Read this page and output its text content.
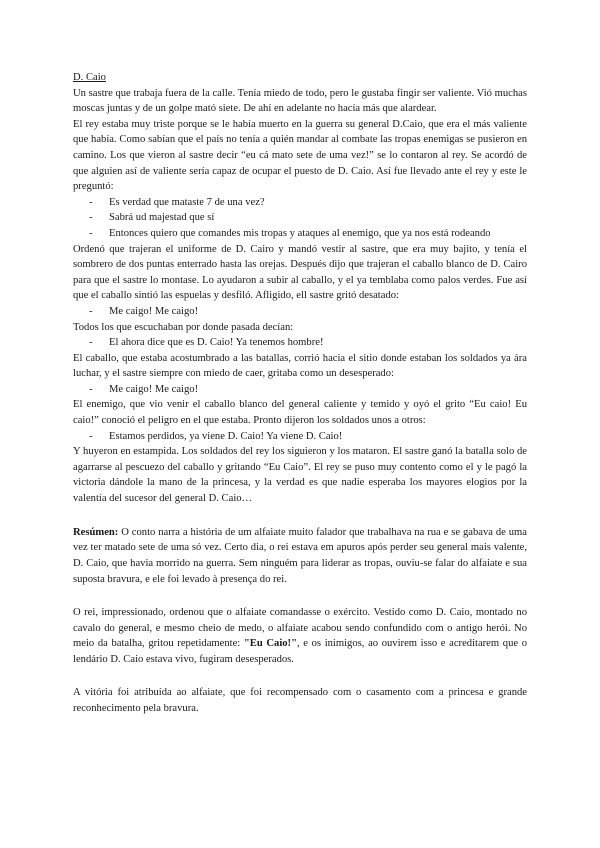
D. Caio

Un sastre que trabaja fuera de la calle. Tenía miedo de todo, pero le gustaba fingir ser valiente. Vió muchas moscas juntas y de un golpe mató siete. De ahí en adelante no hacía más que alardear.

El rey estaba muy triste porque se le había muerto en la guerra su general D.Caio, que era el más valiente que había. Como sabían que el país no tenía a quién mandar al combate las tropas enemigas se pusieron en camino. Los que vieron al sastre decir “eu cá mato sete de uma vez!” se lo contaron al rey. Se acordó de que alguien así de valiente sería capaz de ocupar el puesto de D. Caio. Así fue llevado ante el rey y este le preguntó:

- Es verdad que mataste 7 de una vez?

- Sabrá ud majestad que sí

- Entonces quiero que comandes mis tropas y ataques al enemigo, que ya nos está rodeando

Ordenó que trajeran el uniforme de D. Cairo y mandó vestir al sastre, que era muy bajito, y tenía el sombrero de dos puntas enterrado hasta las orejas. Después dijo que trajeran el caballo blanco de D. Cairo para que el sastre lo montase. Lo ayudaron a subir al caballo, y el ya temblaba como palos verdes. Fue así que el caballo sintió las espuelas y desfiló. Afligido, ell sastre gritó desatado:

- Me caigo! Me caigo!

Todos los que escuchaban por donde pasada decían:

- El ahora dice que es D. Caio! Ya tenemos hombre!

El caballo, que estaba acostumbrado a las batallas, corrió hacia el sitio donde estaban los soldados ya ára luchar, y el sastre siempre con miedo de caer, gritaba como un desesperado:

- Me caigo! Me caigo!

El enemigo, que vio venir el caballo blanco del general caliente y temido y oyó el grito “Eu caio! Eu caio!” conoció el peligro en el que estaba. Pronto dijeron los soldados unos a otros:

- Estamos perdidos, ya viene D. Caio! Ya viene D. Caio!

Y huyeron en estampida. Los soldados del rey los siguieron y los mataron. El sastre ganó la batalla solo de agarrarse al pescuezo del caballo y gritando “Eu Caio”. El rey se puso muy contento como el y le pagó la victoria dándole la mano de la princesa, y la verdad es que nadie esperaba los mayores elogios por la valentía del sucesor del general D. Caio…

Resúmen: O conto narra a história de um alfaiate muito falador que trabalhava na rua e se gabava de uma vez ter matado sete de uma só vez. Certo dia, o rei estava em apuros após perder seu general mais valente, D. Caio, que havia morrido na guerra. Sem ninguém para liderar as tropas, ouviu-se falar do alfaiate e sua suposta bravura, e ele foi levado à presença do rei.

O rei, impressionado, ordenou que o alfaiate comandasse o exército. Vestido como D. Caio, montado no cavalo do general, e mesmo cheio de medo, o alfaiate acabou sendo confundido com o antigo herói. No meio da batalha, gritou repetidamente: "Eu Caio!", e os inimigos, ao ouvirem isso e acreditarem que o lendário D. Caio estava vivo, fugiram desesperados.

A vitória foi atribuída ao alfaiate, que foi recompensado com o casamento com a princesa e grande reconhecimento pela bravura.
